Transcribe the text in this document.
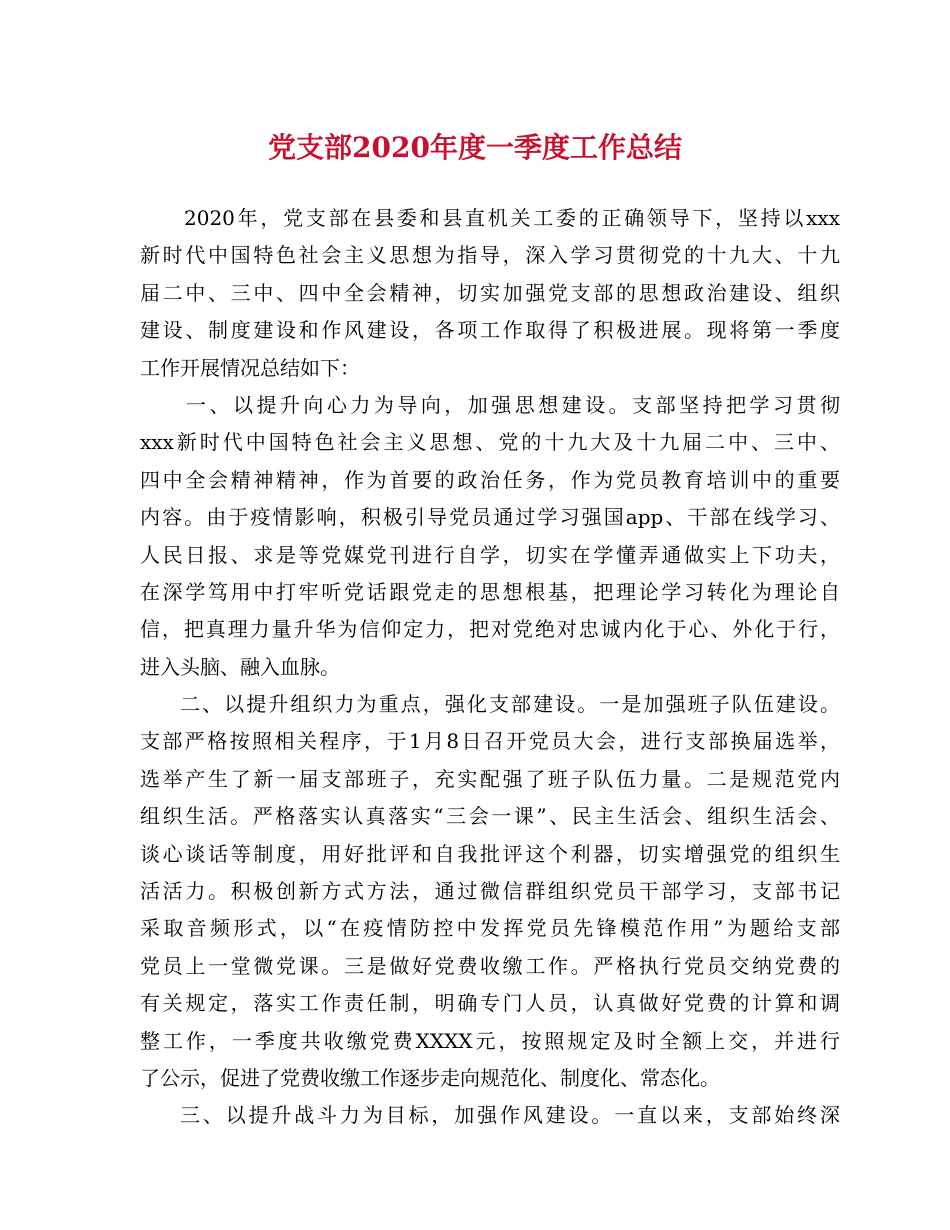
党支部2020年度一季度工作总结
2020年，党支部在县委和县直机关工委的正确领导下，坚持以xxx
新时代中国特色社会主义思想为指导，深入学习贯彻党的十九大、十九
届二中、三中、四中全会精神，切实加强党支部的思想政治建设、组织
建设、制度建设和作风建设，各项工作取得了积极进展。现将第一季度
工作开展情况总结如下：
一、以提升向心力为导向，加强思想建设。支部坚持把学习贯彻
xxx新时代中国特色社会主义思想、党的十九大及十九届二中、三中、
四中全会精神精神，作为首要的政治任务，作为党员教育培训中的重要
内容。由于疫情影响，积极引导党员通过学习强国app、干部在线学习、
人民日报、求是等党媒党刊进行自学，切实在学懂弄通做实上下功夫，
在深学笃用中打牢听党话跟党走的思想根基，把理论学习转化为理论自
信，把真理力量升华为信仰定力，把对党绝对忠诚内化于心、外化于行，
进入头脑、融入血脉。
二、以提升组织力为重点，强化支部建设。一是加强班子队伍建设。
支部严格按照相关程序，于1月8日召开党员大会，进行支部换届选举，
选举产生了新一届支部班子，充实配强了班子队伍力量。二是规范党内
组织生活。严格落实认真落实“三会一课”、民主生活会、组织生活会、
谈心谈话等制度，用好批评和自我批评这个利器，切实增强党的组织生
活活力。积极创新方式方法，通过微信群组织党员干部学习，支部书记
采取音频形式，以“在疫情防控中发挥党员先锋模范作用”为题给支部
党员上一堂微党课。三是做好党费收缴工作。严格执行党员交纳党费的
有关规定，落实工作责任制，明确专门人员，认真做好党费的计算和调
整工作，一季度共收缴党费XXXX元，按照规定及时全额上交，并进行
了公示，促进了党费收缴工作逐步走向规范化、制度化、常态化。
三、以提升战斗力为目标，加强作风建设。一直以来，支部始终深
